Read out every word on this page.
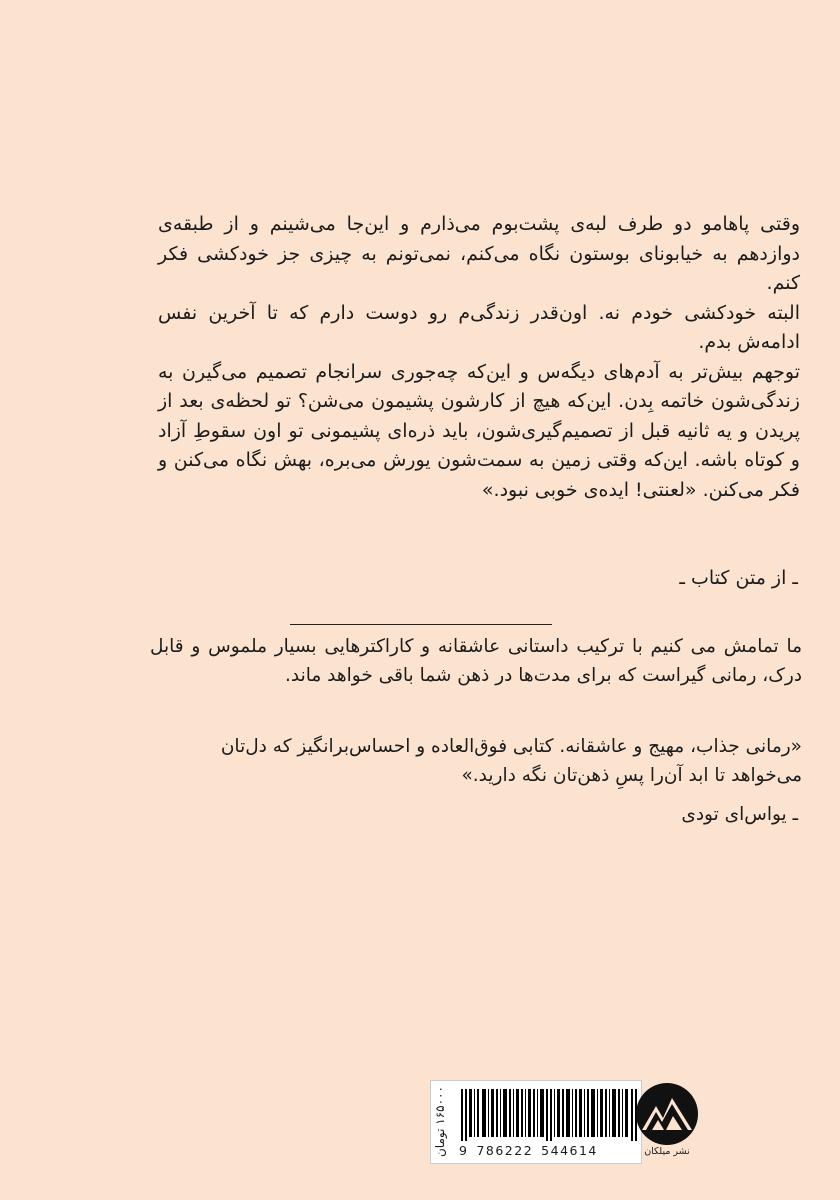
وقتی پاهامو دو طرف لبه‌ی پشت‌بوم می‌ذارم و این‌جا می‌شینم و از طبقه‌ی دوازدهم به خیابونای بوستون نگاه می‌کنم، نمی‌تونم به چیزی جز خودکشی فکر کنم.

البته خودکشی خودم نه. اون‌قدر زندگی‌م رو دوست دارم که تا آخرین نفس ادامه‌ش بدم.

توجهم بیش‌تر به آدم‌های دیگه‌س و این‌که چه‌جوری سرانجام تصمیم می‌گیرن به زندگی‌شون خاتمه بِدن. این‌که هیچ از کارشون پشیمون می‌شن؟ تو لحظه‌ی بعد از پریدن و یه ثانیه قبل از تصمیم‌گیری‌شون، باید ذره‌ای پشیمونی تو اون سقوطِ آزاد و کوتاه باشه. این‌که وقتی زمین به سمت‌شون یورش می‌بره، بهش نگاه می‌کنن و فکر می‌کنن. «لعنتی! ایده‌ی خوبی نبود.»

ـ از متن کتاب ـ
ما تمامش می کنیم با ترکیب داستانی عاشقانه و کاراکترهایی بسیار ملموس و قابل درک، رمانی گیراست که برای مدت‌ها در ذهن شما باقی خواهد ماند.
«رمانی جذاب، مهیج و عاشقانه. کتابی فوق‌العاده و احساس‌برانگیز که دل‌تان می‌خواهد تا ابد آن‌را پسِ ذهن‌تان نگه دارید.»
ـ یواس‌ای تودی
۱۶۵۰۰۰ تومان
9 786222 544614	نشر میلکان
